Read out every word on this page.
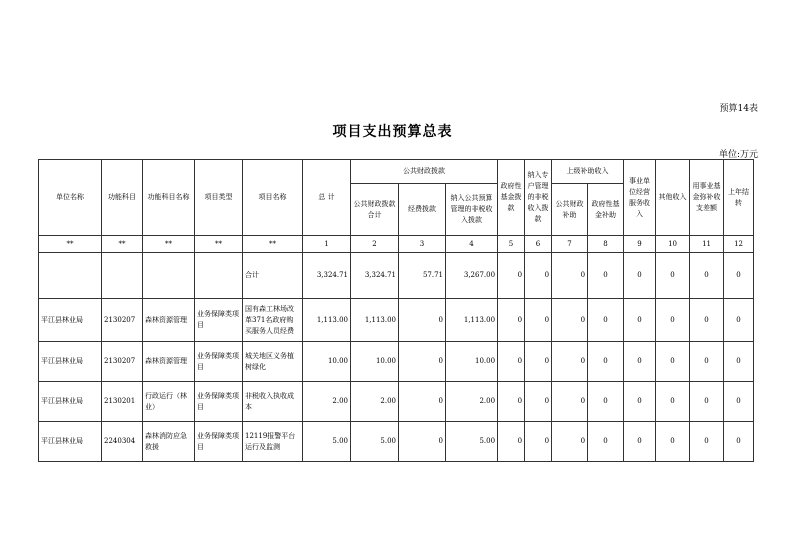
预算14表
项目支出预算总表
单位:万元
单位名称	功能科目	功能科目名称	项目类型	项目名称	总 计	公共财政拨款			政府性基金拨款	纳入专户管理的非税收入拨款	上级补助收入		事业单位经营服务收入	其他收入	用事业基金弥补收支差额	上年结转
						公共财政拨款合计	经费拨款	纳入公共预算管理的非税收入拨款			公共财政补助	政府性基金补助				
**	**	**	**	**	1	2	3	4	5	6	7	8	9	10	11	12
				合计	3,324.71	3,324.71	57.71	3,267.00	0	0	0	0	0	0	0	0
平江县林业局	2130207	森林资源管理	业务保障类项目	国有森工林场改革371名政府购买服务人员经费	1,113.00	1,113.00	0	1,113.00	0	0	0	0	0	0	0	0
平江县林业局	2130207	森林资源管理	业务保障类项目	城关地区义务植树绿化	10.00	10.00	0	10.00	0	0	0	0	0	0	0	0
平江县林业局	2130201	行政运行（林业）	业务保障类项目	非税收入执收成本	2.00	2.00	0	2.00	0	0	0	0	0	0	0	0
平江县林业局	2240304	森林消防应急救援	业务保障类项目	12119报警平台运行及监测	5.00	5.00	0	5.00	0	0	0	0	0	0	0	0
